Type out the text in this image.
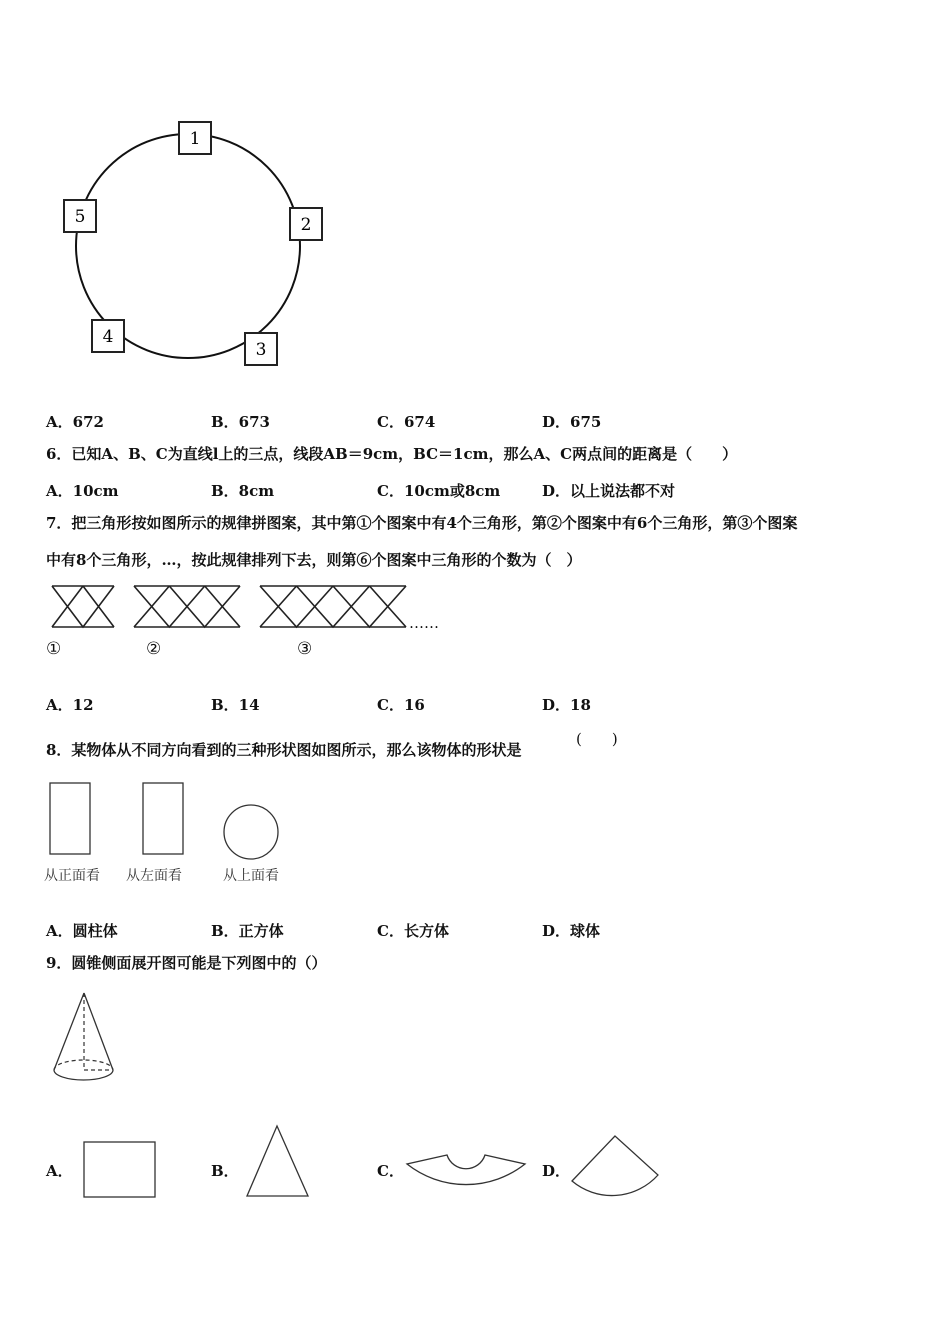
1
2
3
4
5
A．672	B．673	C．674	D．675
6．已知A、B、C为直线l上的三点，线段AB＝9cm，BC＝1cm，那么A、C两点间的距离是（　　）
A．10cm	B．8cm	C．10cm或8cm	D．以上说法都不对
7．把三角形按如图所示的规律拼图案，其中第①个图案中有4个三角形，第②个图案中有6个三角形，第③个图案
中有8个三角形，…，按此规律排列下去，则第⑥个图案中三角形的个数为（　）
……
①	②	③
A．12	B．14	C．16	D．18
8．某物体从不同方向看到的三种形状图如图所示，那么该物体的形状是
(　　)
从正面看 从左面看	从上面看
A．圆柱体	B．正方体	C．长方体	D．球体
9．圆锥侧面展开图可能是下列图中的（）
A．	B．	C．	D．
